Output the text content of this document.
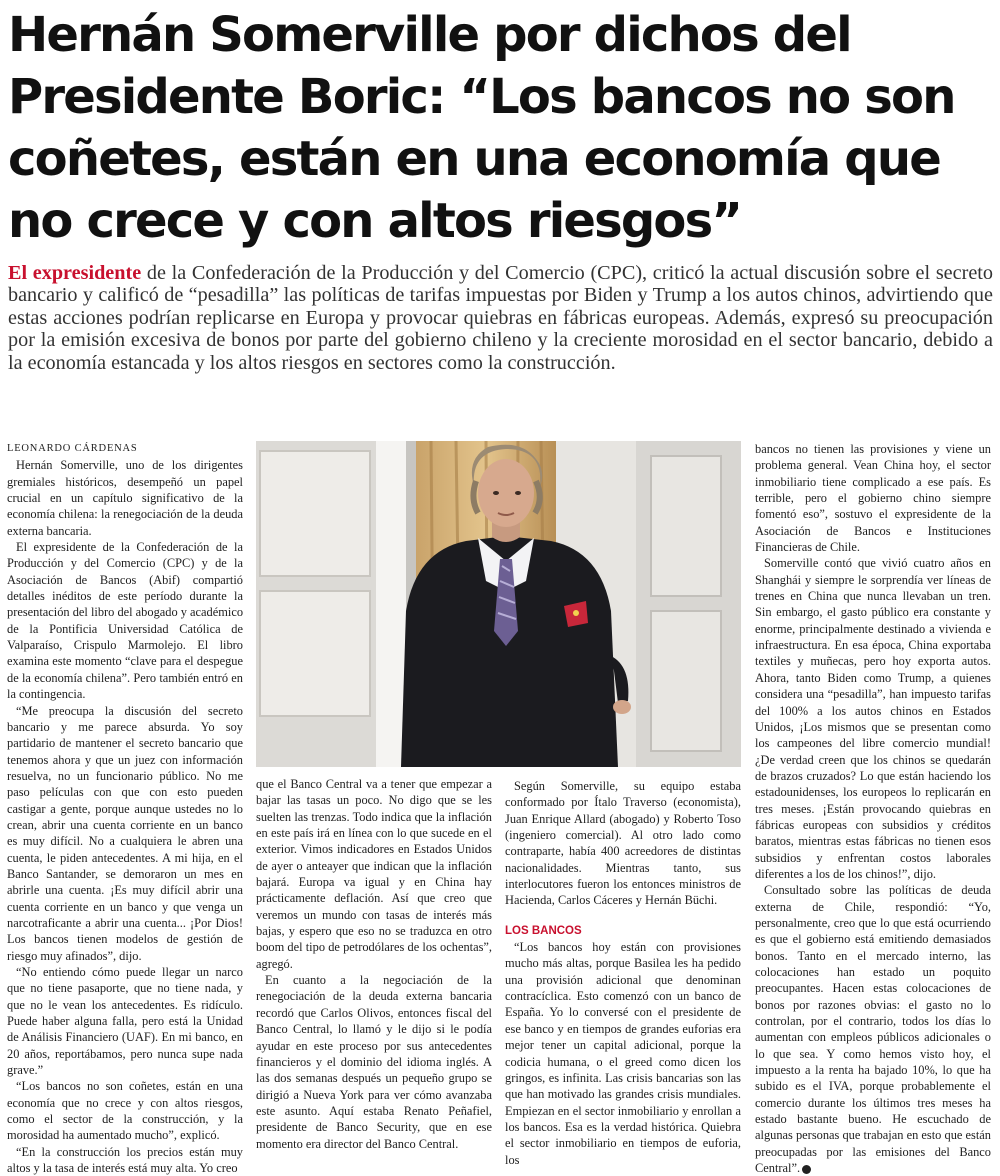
Hernán Somerville por dichos del Presidente Boric: “Los bancos no son coñetes, están en una economía que no crece y con altos riesgos”

El expresidente de la Confederación de la Producción y del Comercio (CPC), criticó la actual discusión sobre el secreto bancario y calificó de “pesadilla” las políticas de tarifas impuestas por Biden y Trump a los autos chinos, advirtiendo que estas acciones podrían replicarse en Europa y provocar quiebras en fábricas europeas. Además, expresó su preocupación por la emisión excesiva de bonos por parte del gobierno chileno y la creciente morosidad en el sector bancario, debido a la economía estancada y los altos riesgos en sectores como la construcción.

LEONARDO CÁRDENAS

Hernán Somerville, uno de los dirigentes gremiales históricos, desempeñó un papel crucial en un capítulo significativo de la economía chilena: la renegociación de la deuda externa bancaria.

El expresidente de la Confederación de la Producción y del Comercio (CPC) y de la Asociación de Bancos (Abif) compartió detalles inéditos de este período durante la presentación del libro del abogado y académico de la Pontificia Universidad Católica de Valparaíso, Crispulo Marmolejo. El libro examina este momento “clave para el despegue de la economía chilena”. Pero también entró en la contingencia.

“Me preocupa la discusión del secreto bancario y me parece absurda. Yo soy partidario de mantener el secreto bancario que tenemos ahora y que un juez con información resuelva, no un funcionario público. No me paso películas con que con esto pueden castigar a gente, porque aunque ustedes no lo crean, abrir una cuenta corriente en un banco es muy difícil. No a cualquiera le abren una cuenta, le piden antecedentes. A mi hija, en el Banco Santander, se demoraron un mes en abrirle una cuenta. ¡Es muy difícil abrir una cuenta corriente en un banco y que venga un narcotraficante a abrir una cuenta... ¡Por Dios! Los bancos tienen modelos de gestión de riesgo muy afinados”, dijo.

“No entiendo cómo puede llegar un narco que no tiene pasaporte, que no tiene nada, y que no le vean los antecedentes. Es ridículo. Puede haber alguna falla, pero está la Unidad de Análisis Financiero (UAF). En mi banco, en 20 años, reportábamos, pero nunca supe nada grave.”

“Los bancos no son coñetes, están en una economía que no crece y con altos riesgos, como el sector de la construcción, y la morosidad ha aumentado mucho”, explicó.

“En la construcción los precios están muy altos y la tasa de interés está muy alta. Yo creo

que el Banco Central va a tener que empezar a bajar las tasas un poco. No digo que se les suelten las trenzas. Todo indica que la inflación en este país irá en línea con lo que sucede en el exterior. Vimos indicadores en Estados Unidos de ayer o anteayer que indican que la inflación bajará. Europa va igual y en China hay prácticamente deflación. Así que creo que veremos un mundo con tasas de interés más bajas, y espero que eso no se traduzca en otro boom del tipo de petrodólares de los ochentas”, agregó.

En cuanto a la negociación de la renegociación de la deuda externa bancaria recordó que Carlos Olivos, entonces fiscal del Banco Central, lo llamó y le dijo si le podía ayudar en este proceso por sus antecedentes financieros y el dominio del idioma inglés. A las dos semanas después un pequeño grupo se dirigió a Nueva York para ver cómo avanzaba este asunto. Aquí estaba Renato Peñafiel, presidente de Banco Security, que en ese momento era director del Banco Central.

Según Somerville, su equipo estaba conformado por Ítalo Traverso (economista), Juan Enrique Allard (abogado) y Roberto Toso (ingeniero comercial). Al otro lado como contraparte, había 400 acreedores de distintas nacionalidades. Mientras tanto, sus interlocutores fueron los entonces ministros de Hacienda, Carlos Cáceres y Hernán Büchi.

LOS BANCOS

“Los bancos hoy están con provisiones mucho más altas, porque Basilea les ha pedido una provisión adicional que denominan contracíclica. Esto comenzó con un banco de España. Yo lo conversé con el presidente de ese banco y en tiempos de grandes euforias era mejor tener un capital adicional, porque la codicia humana, o el greed como dicen los gringos, es infinita. Las crisis bancarias son las que han motivado las grandes crisis mundiales. Empiezan en el sector inmobiliario y enrollan a los bancos. Esa es la verdad histórica. Quiebra el sector inmobiliario en tiempos de euforia, los

bancos no tienen las provisiones y viene un problema general. Vean China hoy, el sector inmobiliario tiene complicado a ese país. Es terrible, pero el gobierno chino siempre fomentó eso”, sostuvo el expresidente de la Asociación de Bancos e Instituciones Financieras de Chile.

Somerville contó que vivió cuatro años en Shanghái y siempre le sorprendía ver líneas de trenes en China que nunca llevaban un tren. Sin embargo, el gasto público era constante y enorme, principalmente destinado a vivienda e infraestructura. En esa época, China exportaba textiles y muñecas, pero hoy exporta autos. Ahora, tanto Biden como Trump, a quienes considera una “pesadilla”, han impuesto tarifas del 100% a los autos chinos en Estados Unidos, ¡Los mismos que se presentan como los campeones del libre comercio mundial! ¿De verdad creen que los chinos se quedarán de brazos cruzados? Lo que están haciendo los estadounidenses, los europeos lo replicarán en tres meses. ¡Están provocando quiebras en fábricas europeas con subsidios y créditos baratos, mientras estas fábricas no tienen esos subsidios y enfrentan costos laborales diferentes a los de los chinos!”, dijo.

Consultado sobre las políticas de deuda externa de Chile, respondió: “Yo, personalmente, creo que lo que está ocurriendo es que el gobierno está emitiendo demasiados bonos. Tanto en el mercado interno, las colocaciones han estado un poquito preocupantes. Hacen estas colocaciones de bonos por razones obvias: el gasto no lo controlan, por el contrario, todos los días lo aumentan con empleos públicos adicionales o lo que sea. Y como hemos visto hoy, el impuesto a la renta ha bajado 10%, lo que ha subido es el IVA, porque probablemente el comercio durante los últimos tres meses ha estado bastante bueno. He escuchado de algunas personas que trabajan en esto que están preocupadas por las emisiones del Banco Central”.
